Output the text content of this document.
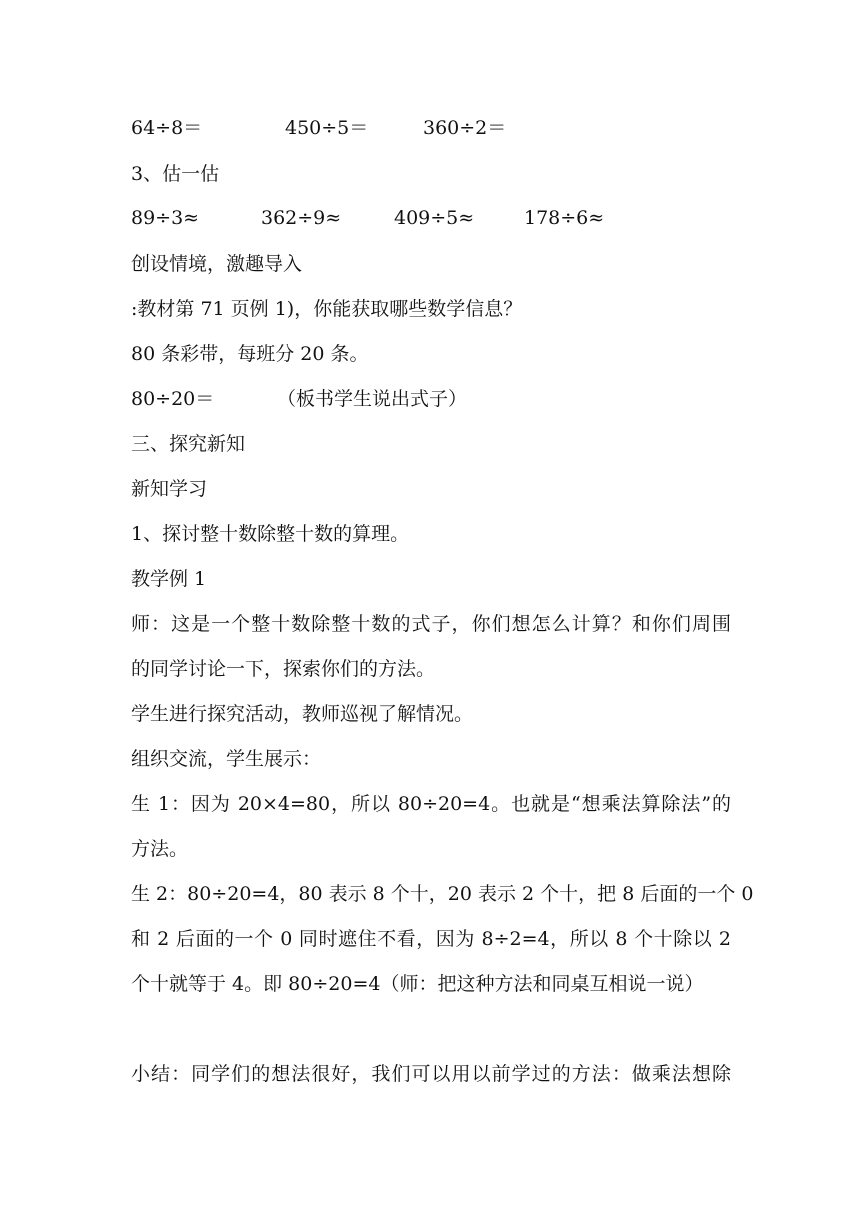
64÷8＝	450÷5＝	360÷2＝
3、估一估
89÷3≈	362÷9≈	409÷5≈	178÷6≈
创设情境，激趣导入
:教材第 71 页例 1)，你能获取哪些数学信息？
80 条彩带，每班分 20 条。
80÷20＝	（板书学生说出式子）
三、探究新知
新知学习
1、探讨整十数除整十数的算理。
教学例 1
师：这是一个整十数除整十数的式子，你们想怎么计算？和你们周围
的同学讨论一下，探索你们的方法。
学生进行探究活动，教师巡视了解情况。
组织交流，学生展示：
生 1：因为 20×4=80，所以 80÷20=4。也就是“想乘法算除法”的
方法。
生 2：80÷20=4，80 表示 8 个十，20 表示 2 个十，把 8 后面的一个 0
和 2 后面的一个 0 同时遮住不看，因为 8÷2=4，所以 8 个十除以 2
个十就等于 4。即 80÷20=4（师：把这种方法和同桌互相说一说）
小结：同学们的想法很好，我们可以用以前学过的方法：做乘法想除
